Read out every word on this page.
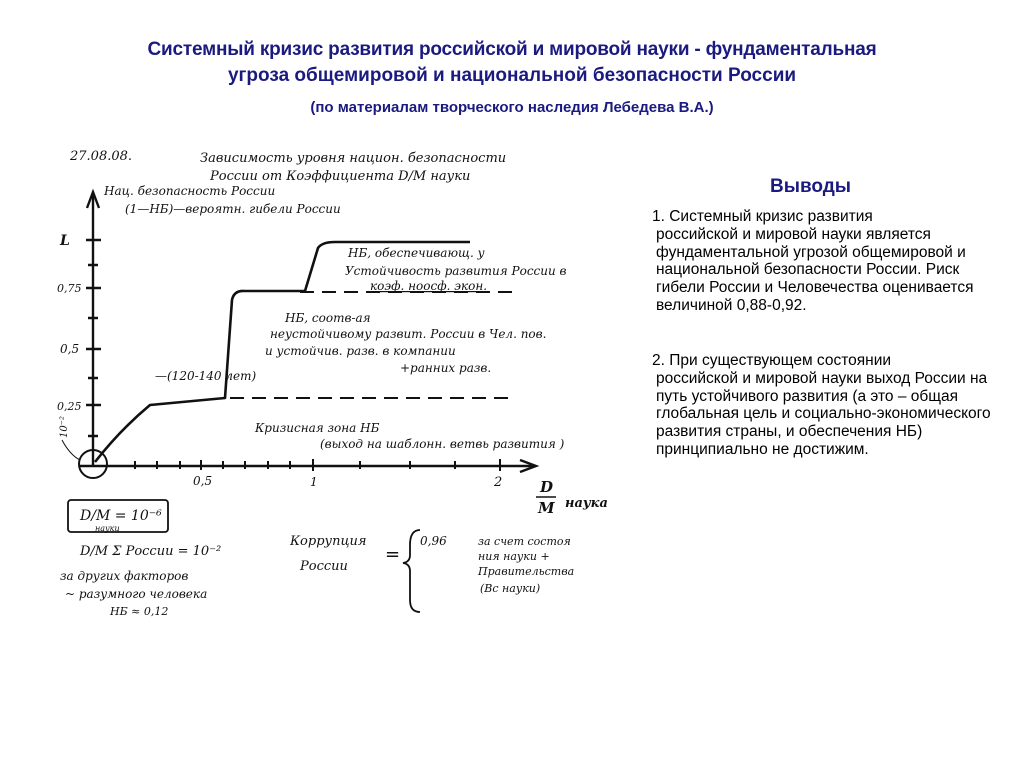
Системный кризис развития российской и мировой науки - фундаментальная
угроза общемировой и национальной безопасности России
(по материалам творческого наследия Лебедева В.А.)
27.08.08.	Зависимость уровня национ. безопасности
России от Коэффициента D/M науки
Нац. безопасность России
(1—НБ)—вероятн. гибели России
L
0,75
0,5
0,25
10⁻²
0,5	1	2	D
M наука
НБ, обеспечивающ. у
Устойчивость развития России в
коэф. ноосф. экон.
НБ, соотв-ая
неустойчивому развит. России в Чел. пов.
и устойчив. разв. в компании
+ранних разв.
—(120-140 лет)
Кризисная зона НБ
(выход на шаблонн. ветвь развития )
D/M = 10⁻⁶
науки
D/M Σ России = 10⁻²
за других факторов
~ разумного человека
НБ ≈ 0,12
Коррупция
России
=
0,96	за счет состоя
ния науки +
Правительства
(Вс науки)
Выводы
1. Системный кризис развития
российской и мировой науки является фундаментальной угрозой общемировой и национальной безопасности России. Риск гибели России и Человечества оценивается величиной 0,88-0,92.
2. При существующем состоянии
российской и мировой науки выход России на путь устойчивого развития (а это – общая глобальная цель и социально-экономического развития страны, и обеспечения НБ) принципиально не достижим.
